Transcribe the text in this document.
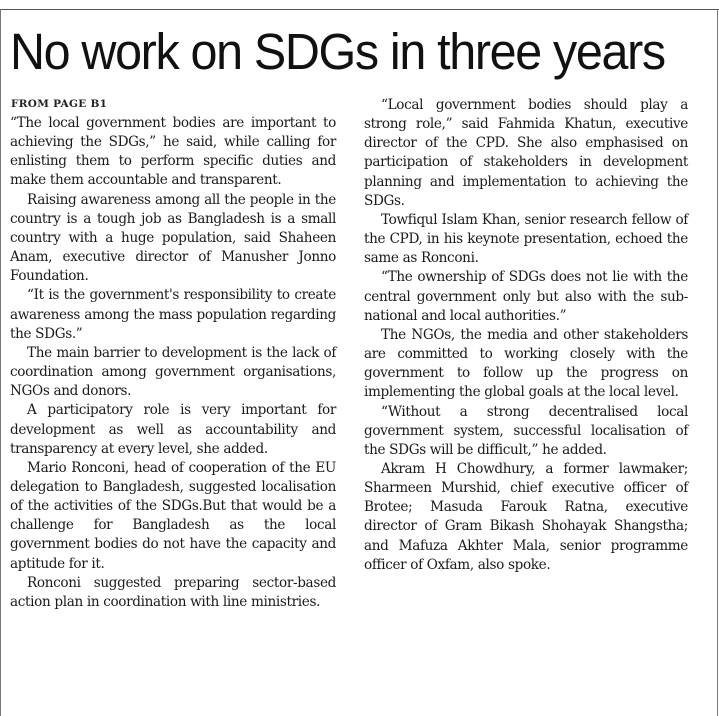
No work on SDGs in three years
FROM PAGE B1

“The local government bodies are important to achieving the SDGs,” he said, while calling for enlisting them to perform specific duties and make them accountable and transparent.

Raising awareness among all the people in the country is a tough job as Bangladesh is a small country with a huge population, said Shaheen Anam, executive director of Manusher Jonno Foundation.

“It is the government's responsibility to create awareness among the mass population regarding the SDGs.”

The main barrier to development is the lack of coordination among government organisations, NGOs and donors.

A participatory role is very important for development as well as accountability and transparency at every level, she added.

Mario Ronconi, head of cooperation of the EU delegation to Bangladesh, suggested localisation of the activities of the SDGs.But that would be a challenge for Bangladesh as the local government bodies do not have the capacity and aptitude for it.

Ronconi suggested preparing sector-based action plan in coordination with line ministries.

“Local government bodies should play a strong role,” said Fahmida Khatun, executive director of the CPD. She also emphasised on participation of stakeholders in development planning and implementation to achieving the SDGs.

Towfiqul Islam Khan, senior research fellow of the CPD, in his keynote presentation, echoed the same as Ronconi.

“The ownership of SDGs does not lie with the central government only but also with the sub-national and local authorities.”

The NGOs, the media and other stakeholders are committed to working closely with the government to follow up the progress on implementing the global goals at the local level.

“Without a strong decentralised local government system, successful localisation of the SDGs will be difficult,” he added.

Akram H Chowdhury, a former lawmaker; Sharmeen Murshid, chief executive officer of Brotee; Masuda Farouk Ratna, executive director of Gram Bikash Shohayak Shangstha; and Mafuza Akhter Mala, senior programme officer of Oxfam, also spoke.
